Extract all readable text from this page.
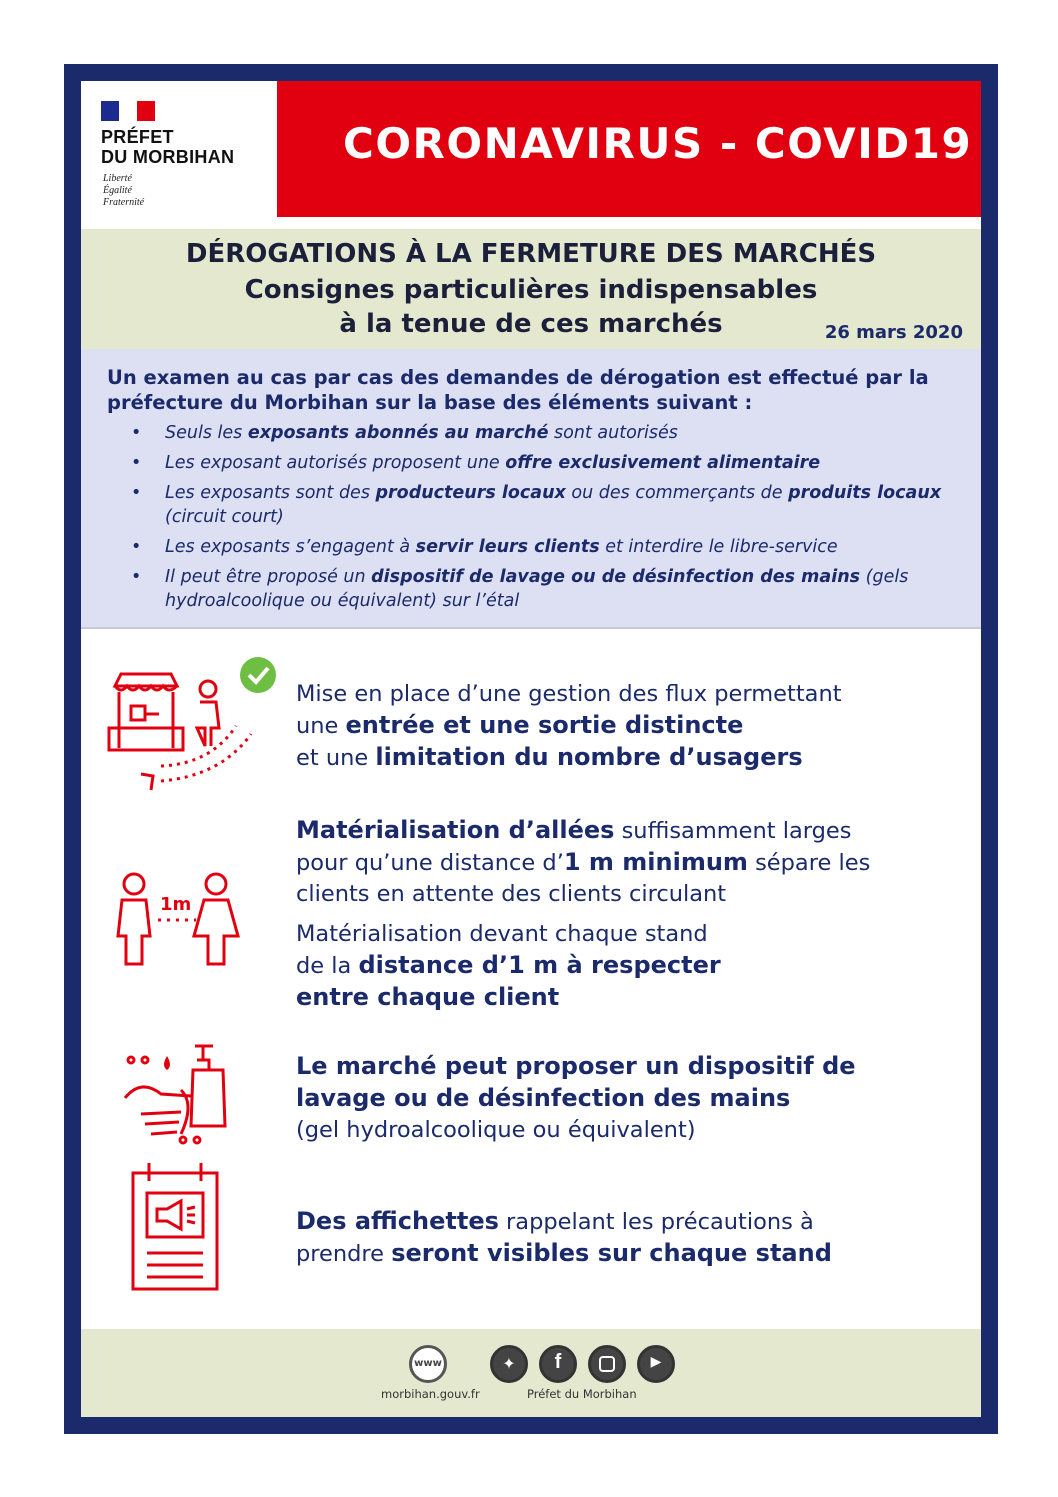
PRÉFET
DU MORBIHAN
Liberté
Égalité
Fraternité
CORONAVIRUS - COVID19
DÉROGATIONS À LA FERMETURE DES MARCHÉS
Consignes particulières indispensables
à la tenue de ces marchés	26 mars 2020
Un examen au cas par cas des demandes de dérogation est effectué par la préfecture du Morbihan sur la base des éléments suivant :
• Seuls les exposants abonnés au marché sont autorisés
• Les exposant autorisés proposent une offre exclusivement alimentaire
• Les exposants sont des producteurs locaux ou des commerçants de produits locaux (circuit court)
• Les exposants s’engagent à servir leurs clients et interdire le libre-service
• Il peut être proposé un dispositif de lavage ou de désinfection des mains (gels hydroalcoolique ou équivalent) sur l’étal
Mise en place d’une gestion des flux permettant
une entrée et une sortie distincte
et une limitation du nombre d’usagers
1m
Matérialisation d’allées suffisamment larges
pour qu’une distance d’1 m minimum sépare les
clients en attente des clients circulant
Matérialisation devant chaque stand
de la distance d’1 m à respecter
entre chaque client
Le marché peut proposer un dispositif de
lavage ou de désinfection des mains
(gel hydroalcoolique ou équivalent)
Des affichettes rappelant les précautions à
prendre seront visibles sur chaque stand
www	✦	f	▶
morbihan.gouv.fr	Préfet du Morbihan
